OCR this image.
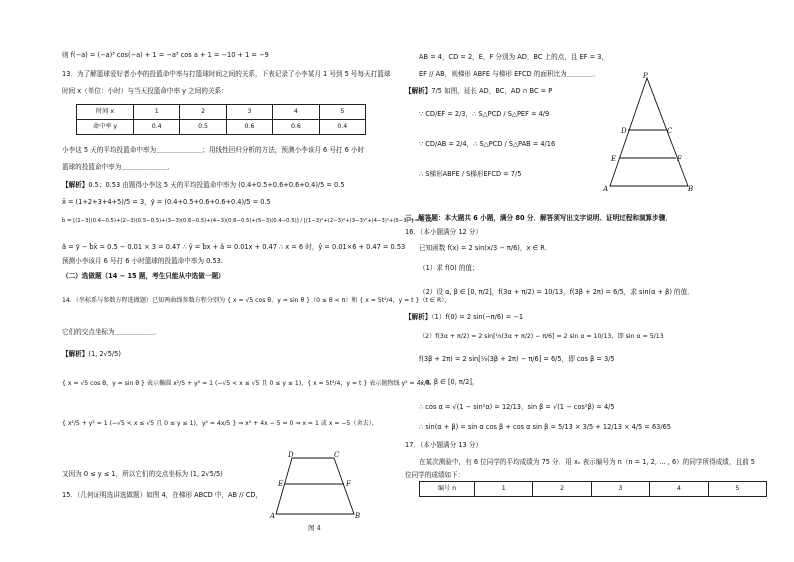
则 f(−a) = (−a)³ cos(−a) + 1 = −a³ cos a + 1 = −10 + 1 = −9
13．为了解篮球爱好者小李的投篮命中率与打篮球时间之间的关系，下表记录了小李某月 1 号到 5 号每天打篮球
时间 x（单位：小时）与当天投篮命中率 y 之间的关系：
时间 x	1	2	3	4	5
命中率 y	0.4	0.5	0.6	0.6	0.4
小李这 5 天的平均投篮命中率为＿＿＿＿＿＿＿；用线性回归分析的方法，预测小李该月 6 号打 6 小时
篮球的投篮命中率为＿＿＿＿＿＿＿．
【解析】0.5；0.53 由题得小李这 5 天的平均投篮命中率为 (0.4+0.5+0.6+0.6+0.4)/5 = 0.5
x̄ = (1+2+3+4+5)/5 = 3，ȳ = (0.4+0.5+0.6+0.6+0.4)/5 = 0.5
b̂ = [(1−3)(0.4−0.5)+(2−3)(0.5−0.5)+(3−3)(0.6−0.5)+(4−3)(0.6−0.5)+(5−3)(0.4−0.5)] / [(1−3)²+(2−3)²+(3−3)²+(4−3)²+(5−3)²] = 0.01
â = ȳ − b̂x̄ = 0.5 − 0.01 × 3 = 0.47 ∴ ŷ = b̂x + â = 0.01x + 0.47 ∴ x = 6 时，ŷ = 0.01×6 + 0.47 = 0.53
预测小李该月 6 号打 6 小时篮球的投篮命中率为 0.53.
（二）选做题（14 ~ 15 题，考生只能从中选做一题）
14．（坐标系与参数方程选做题）已知两曲线参数方程分别为 { x = √5 cos θ，y = sin θ }（0 ≤ θ < π）和 { x = 5t²/4，y = t }（t ∈ R），
它们的交点坐标为＿＿＿＿＿＿．
【解析】(1, 2√5/5)
{ x = √5 cos θ，y = sin θ } 表示椭圆 x²/5 + y² = 1 (−√5 < x ≤ √5 且 0 ≤ y ≤ 1)，{ x = 5t²/4，y = t } 表示抛物线 y² = 4x/5
{ x²/5 + y² = 1 (−√5 < x ≤ √5 且 0 ≤ y ≤ 1)，y² = 4x/5 } ⇒ x² + 4x − 5 = 0 ⇒ x = 1 或 x = −5（舍去），
又因为 0 ≤ y ≤ 1，所以它们的交点坐标为 (1, 2√5/5)
15．（几何证明选讲选做题）如图 4，在梯形 ABCD 中，AB // CD，
D	C
E	F
A	B
图 4
AB = 4，CD = 2，E，F 分别为 AD，BC 上的点，且 EF = 3，
EF // AB，则梯形 ABFE 与梯形 EFCD 的面积比为＿＿＿＿．
【解析】7/5 如图，延长 AD，BC，AD ∩ BC = P
∵ CD/EF = 2/3，∴ S△PCD / S△PEF = 4/9
∵ CD/AB = 2/4，∴ S△PCD / S△PAB = 4/16
∴ S梯形ABFE / S梯形EFCD = 7/5
P
D	C
E	F
A	B
三、解答题：本大题共 6 小题，满分 80 分．解答须写出文字说明、证明过程和演算步骤．
16．（本小题满分 12 分）
已知函数 f(x) = 2 sin(x/3 − π/6)，x ∈ R．
（1）求 f(0) 的值；
（2）设 α, β ∈ [0, π/2]，f(3α + π/2) = 10/13，f(3β + 2π) = 6/5，求 sin(α + β) 的值．
【解析】（1）f(0) = 2 sin(−π/6) = −1
（2）f(3α + π/2) = 2 sin[⅓(3α + π/2) − π/6] = 2 sin α = 10/13，即 sin α = 5/13
f(3β + 2π) = 2 sin[⅓(3β + 2π) − π/6] = 6/5，即 cos β = 3/5
∵ α, β ∈ [0, π/2]，
∴ cos α = √(1 − sin²α) = 12/13，sin β = √(1 − cos²β) = 4/5
∴ sin(α + β) = sin α cos β + cos α sin β = 5/13 × 3/5 + 12/13 × 4/5 = 63/65
17．（本小题满分 13 分）
在某次测验中，有 6 位同学的平均成绩为 75 分．用 xₙ 表示编号为 n（n = 1, 2, … , 6）的同学所得成绩，且前 5
位同学的成绩如下：
编号 n	1	2	3	4	5
